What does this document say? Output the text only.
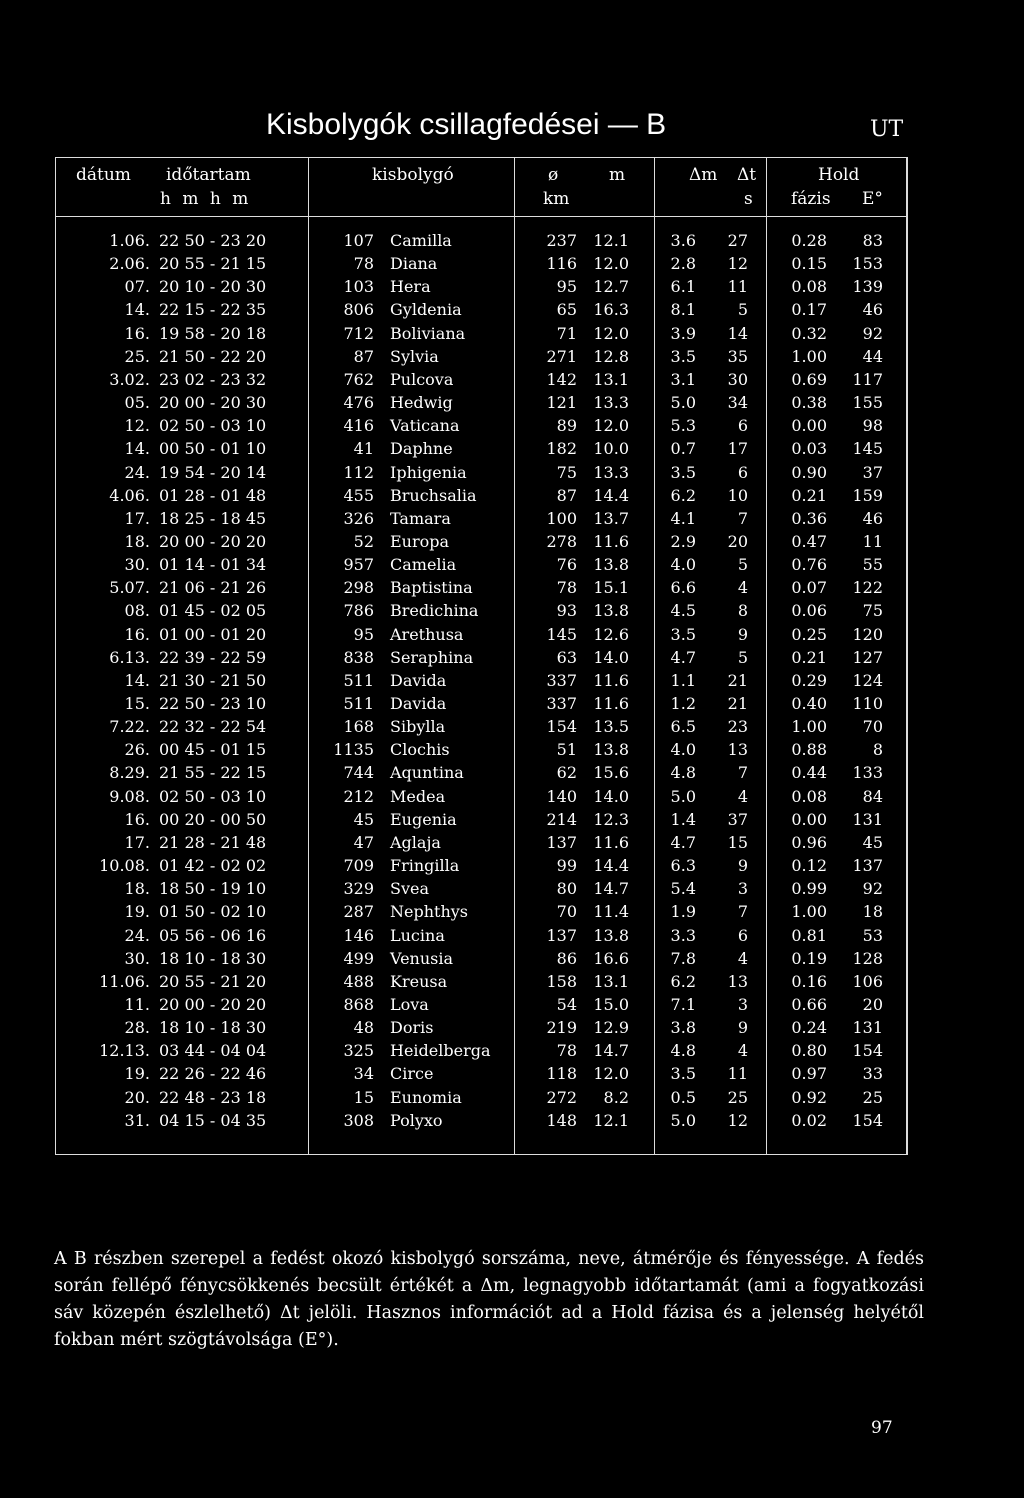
Kisbolygók csillagfedései — B	UT
dátum időtartam
h m h m
kisbolygó	ø
km
m	Δm Δt
s
Hold
fázis E°
1.06. 22 50 - 23 20	107 Camilla	237 12.1	3.6 27	0.28 83
2.06. 20 55 - 21 15	78 Diana	116 12.0	2.8 12	0.15 153
07. 20 10 - 20 30	103 Hera	95 12.7	6.1 11	0.08 139
14. 22 15 - 22 35	806 Gyldenia	65 16.3	8.1	5	0.17 46
16. 19 58 - 20 18	712 Boliviana	71 12.0	3.9 14	0.32 92
25. 21 50 - 22 20	87 Sylvia	271 12.8	3.5 35	1.00 44
3.02. 23 02 - 23 32	762 Pulcova	142 13.1	3.1 30	0.69 117
05. 20 00 - 20 30	476 Hedwig	121 13.3	5.0 34	0.38 155
12. 02 50 - 03 10	416 Vaticana	89 12.0	5.3	6	0.00 98
14. 00 50 - 01 10	41 Daphne	182 10.0	0.7 17	0.03 145
24. 19 54 - 20 14	112 Iphigenia	75 13.3	3.5	6	0.90 37
4.06. 01 28 - 01 48	455 Bruchsalia	87 14.4	6.2 10	0.21 159
17. 18 25 - 18 45	326 Tamara	100 13.7	4.1	7	0.36 46
18. 20 00 - 20 20	52 Europa	278 11.6	2.9 20	0.47 11
30. 01 14 - 01 34	957 Camelia	76 13.8	4.0	5	0.76 55
5.07. 21 06 - 21 26	298 Baptistina	78 15.1	6.6	4	0.07 122
08. 01 45 - 02 05	786 Bredichina	93 13.8	4.5	8	0.06 75
16. 01 00 - 01 20	95 Arethusa	145 12.6	3.5	9	0.25 120
6.13. 22 39 - 22 59	838 Seraphina	63 14.0	4.7	5	0.21 127
14. 21 30 - 21 50	511 Davida	337 11.6	1.1 21	0.29 124
15. 22 50 - 23 10	511 Davida	337 11.6	1.2 21	0.40 110
7.22. 22 32 - 22 54	168 Sibylla	154 13.5	6.5 23	1.00 70
26. 00 45 - 01 15	1135 Clochis	51 13.8	4.0 13	0.88	8
8.29. 21 55 - 22 15	744 Aquntina	62 15.6	4.8	7	0.44 133
9.08. 02 50 - 03 10	212 Medea	140 14.0	5.0	4	0.08 84
16. 00 20 - 00 50	45 Eugenia	214 12.3	1.4 37	0.00 131
17. 21 28 - 21 48	47 Aglaja	137 11.6	4.7 15	0.96 45
10.08. 01 42 - 02 02	709 Fringilla	99 14.4	6.3	9	0.12 137
18. 18 50 - 19 10	329 Svea	80 14.7	5.4	3	0.99 92
19. 01 50 - 02 10	287 Nephthys	70 11.4	1.9	7	1.00 18
24. 05 56 - 06 16	146 Lucina	137 13.8	3.3	6	0.81 53
30. 18 10 - 18 30	499 Venusia	86 16.6	7.8	4	0.19 128
11.06. 20 55 - 21 20	488 Kreusa	158 13.1	6.2 13	0.16 106
11. 20 00 - 20 20	868 Lova	54 15.0	7.1	3	0.66 20
28. 18 10 - 18 30	48 Doris	219 12.9	3.8	9	0.24 131
12.13. 03 44 - 04 04	325 Heidelberga	78 14.7	4.8	4	0.80 154
19. 22 26 - 22 46	34 Circe	118 12.0	3.5 11	0.97 33
20. 22 48 - 23 18	15 Eunomia	272 8.2	0.5 25	0.92 25
31. 04 15 - 04 35	308 Polyxo	148 12.1	5.0 12	0.02 154
A B részben szerepel a fedést okozó kisbolygó sorszáma, neve, átmérője és fényessége. A fedés során fellépő fénycsökkenés becsült értékét a Δm, legnagyobb időtartamát (ami a fogyatkozási sáv közepén észlelhető) Δt jelöli. Hasznos információt ad a Hold fázisa és a jelenség helyétől fokban mért szögtávolsága (E°).
97
